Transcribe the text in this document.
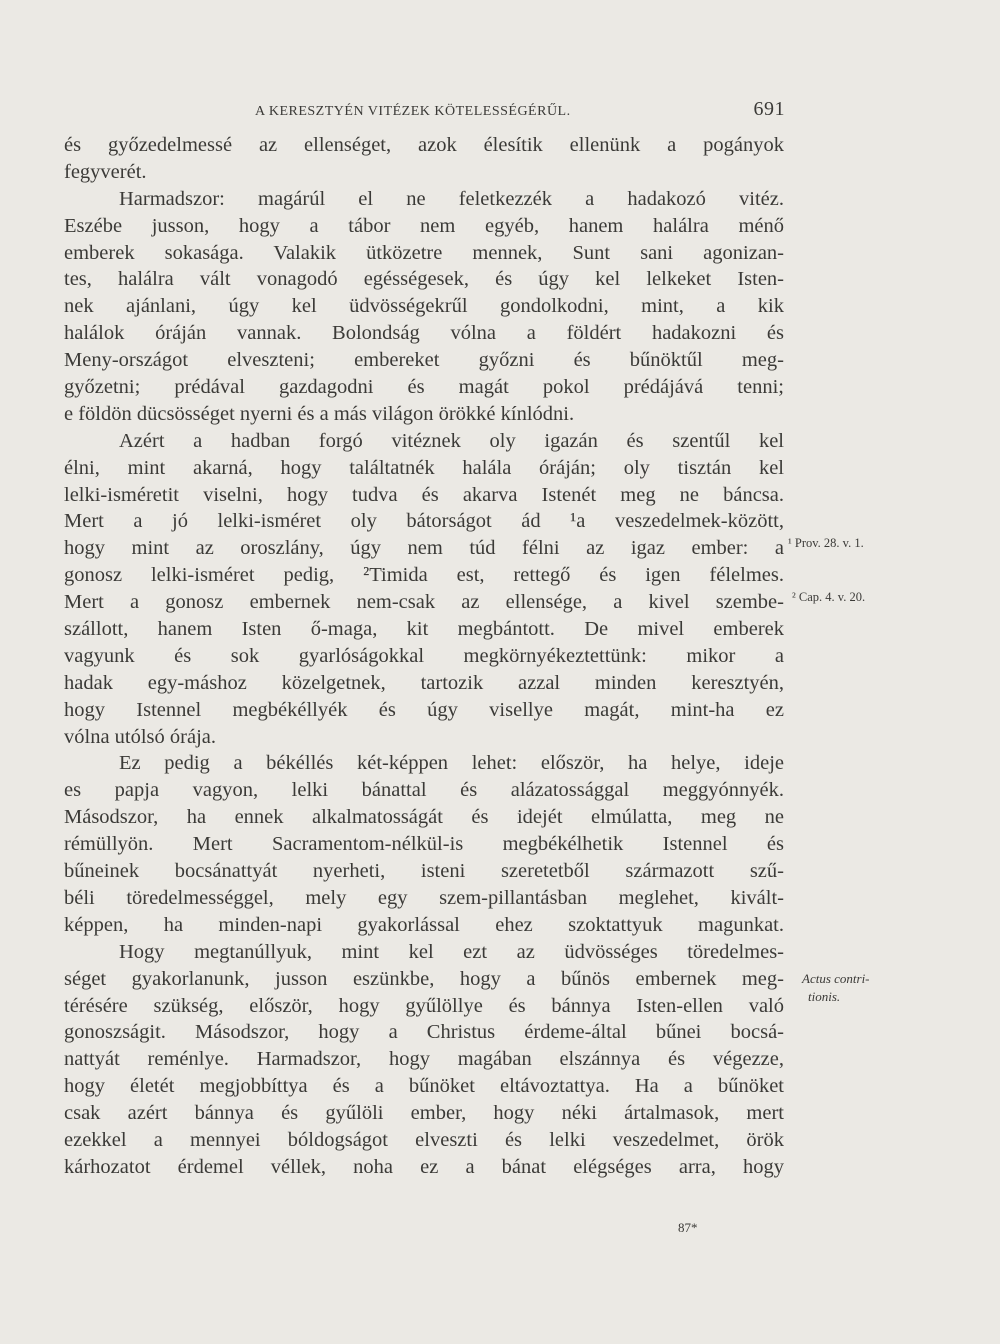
A KERESZTYÉN VITÉZEK KÖTELESSÉGÉRŰL.	691
és győzedelmessé az ellenséget, azok élesítik ellenünk a pogányok
fegyverét.
Harmadszor: magárúl el ne feletkezzék a hadakozó vitéz.
Eszébe jusson, hogy a tábor nem egyéb, hanem halálra ménő
emberek sokasága. Valakik ütközetre mennek, Sunt sani agonizan-
tes, halálra vált vonagodó egésségesek, és úgy kel lelkeket Isten-
nek ajánlani, úgy kel üdvösségekrűl gondolkodni, mint, a kik
halálok óráján vannak. Bolondság vólna a földért hadakozni és
Meny-országot elveszteni; embereket győzni és bűnöktűl meg-
győzetni; prédával gazdagodni és magát pokol prédájává tenni;
e földön dücsösséget nyerni és a más világon örökké kínlódni.
Azért a hadban forgó vitéznek oly igazán és szentűl kel
élni, mint akarná, hogy találtatnék halála óráján; oly tisztán kel
lelki-isméretit viselni, hogy tudva és akarva Istenét meg ne báncsa.
Mert a jó lelki-isméret oly bátorságot ád ¹a veszedelmek-között,
hogy mint az oroszlány, úgy nem túd félni az igaz ember: a
gonosz lelki-isméret pedig, ²Timida est, rettegő és igen félelmes.
Mert a gonosz embernek nem-csak az ellensége, a kivel szembe-
szállott, hanem Isten ő-maga, kit megbántott. De mivel emberek
vagyunk és sok gyarlóságokkal megkörnyékeztettünk: mikor a
hadak egy-máshoz közelgetnek, tartozik azzal minden keresztyén,
hogy Istennel megbékéllyék és úgy visellye magát, mint-ha ez
vólna utólsó órája.
Ez pedig a békéllés két-képpen lehet: először, ha helye, ideje
es papja vagyon, lelki bánattal és alázatossággal meggyónnyék.
Másodszor, ha ennek alkalmatosságát és idejét elmúlatta, meg ne
rémüllyön. Mert Sacramentom-nélkül-is megbékélhetik Istennel és
bűneinek bocsánattyát nyerheti, isteni szeretetből származott szű-
béli töredelmességgel, mely egy szem-pillantásban meglehet, kivált-
képpen, ha minden-napi gyakorlással ehez szoktattyuk magunkat.
Hogy megtanúllyuk, mint kel ezt az üdvösséges töredelmes-
séget gyakorlanunk, jusson eszünkbe, hogy a bűnös embernek meg-
térésére szükség, először, hogy gyűlöllye és bánnya Isten-ellen való
gonoszságit. Másodszor, hogy a Christus érdeme-által bűnei bocsá-
nattyát reménlye. Harmadszor, hogy magában elszánnya és végezze,
hogy életét megjobbíttya és a bűnöket eltávoztattya. Ha a bűnöket
csak azért bánnya és gyűlöli ember, hogy néki ártalmasok, mert
ezekkel a mennyei bóldogságot elveszti és lelki veszedelmet, örök
kárhozatot érdemel véllek, noha ez a bánat elégséges arra, hogy
¹ Prov. 28. v. 1.
² Cap. 4. v. 20.
Actus contri-
tionis.
87*
